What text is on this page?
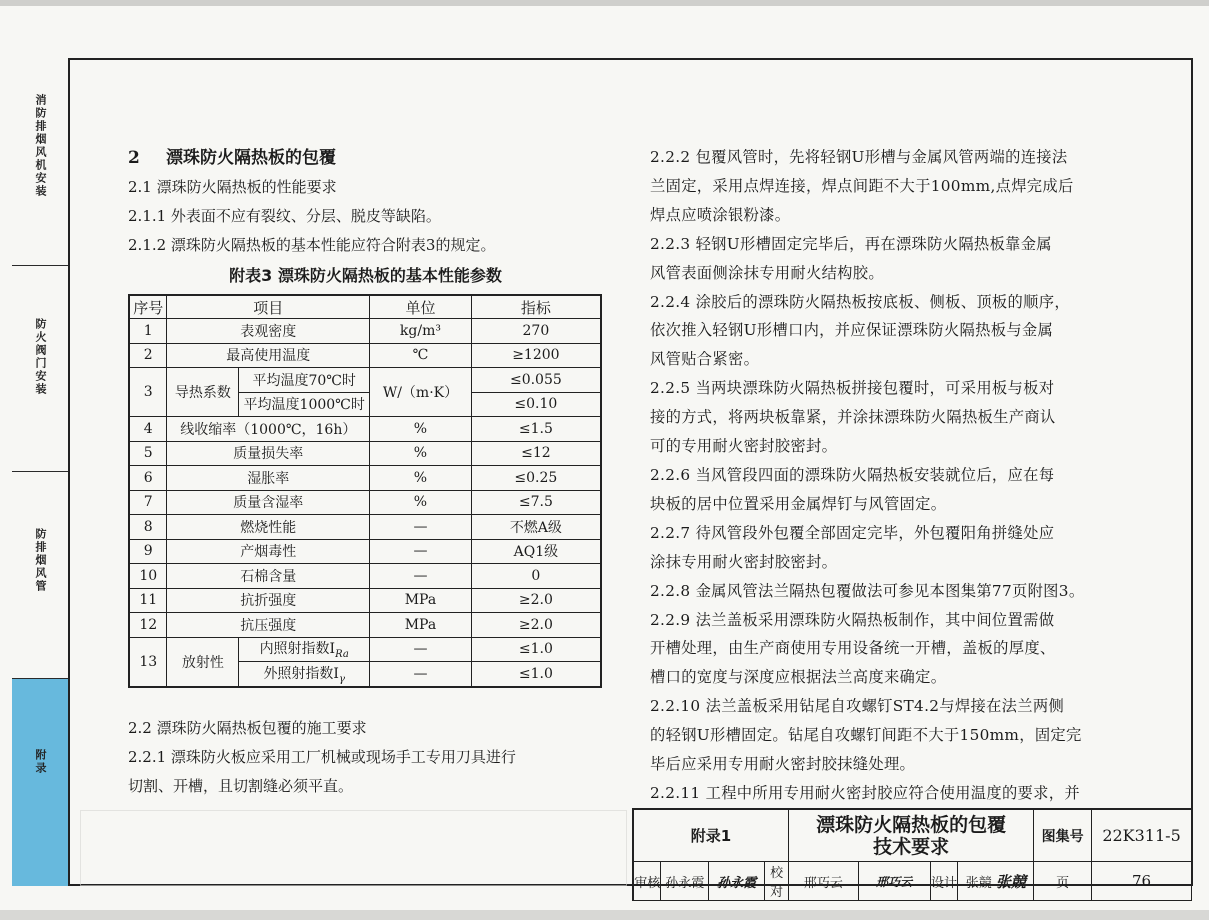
消防排烟风机安装
防火阀门安装
防排烟风管
附录
2 漂珠防火隔热板的包覆
2.1 漂珠防火隔热板的性能要求
2.1.1 外表面不应有裂纹、分层、脱皮等缺陷。
2.1.2 漂珠防火隔热板的基本性能应符合附表3的规定。
附表3 漂珠防火隔热板的基本性能参数
序号	项目		单位	指标
1	表观密度		kg/m³	270
2	最高使用温度		℃	≥1200
3	导热系数	平均温度70℃时	W/（m·K）	≤0.055
		平均温度1000℃时		≤0.10
4	线收缩率（1000℃，16h）		%	≤1.5
5	质量损失率		%	≤12
6	湿胀率		%	≤0.25
7	质量含湿率		%	≤7.5
8	燃烧性能		—	不燃A级
9	产烟毒性		—	AQ1级
10	石棉含量		—	0
11	抗折强度		MPa	≥2.0
12	抗压强度		MPa	≥2.0
13	放射性	内照射指数$I_{Ra}$	—	≤1.0
		外照射指数$I_\gamma$	—	≤1.0
2.2 漂珠防火隔热板包覆的施工要求
2.2.1 漂珠防火板应采用工厂机械或现场手工专用刀具进行
切割、开槽，且切割缝必须平直。
2.2.2 包覆风管时，先将轻钢U形槽与金属风管两端的连接法
兰固定，采用点焊连接，焊点间距不大于100mm,点焊完成后
焊点应喷涂银粉漆。
2.2.3 轻钢U形槽固定完毕后，再在漂珠防火隔热板靠金属
风管表面侧涂抹专用耐火结构胶。
2.2.4 涂胶后的漂珠防火隔热板按底板、侧板、顶板的顺序，
依次推入轻钢U形槽口内，并应保证漂珠防火隔热板与金属
风管贴合紧密。
2.2.5 当两块漂珠防火隔热板拼接包覆时，可采用板与板对
接的方式，将两块板靠紧，并涂抹漂珠防火隔热板生产商认
可的专用耐火密封胶密封。
2.2.6 当风管段四面的漂珠防火隔热板安装就位后，应在每
块板的居中位置采用金属焊钉与风管固定。
2.2.7 待风管段外包覆全部固定完毕，外包覆阳角拼缝处应
涂抹专用耐火密封胶密封。
2.2.8 金属风管法兰隔热包覆做法可参见本图集第77页附图3。
2.2.9 法兰盖板采用漂珠防火隔热板制作，其中间位置需做
开槽处理，由生产商使用专用设备统一开槽，盖板的厚度、
槽口的宽度与深度应根据法兰高度来确定。
2.2.10 法兰盖板采用钻尾自攻螺钉ST4.2与焊接在法兰两侧
的轻钢U形槽固定。钻尾自攻螺钉间距不大于150mm，固定完
毕后应采用专用耐火密封胶抹缝处理。
2.2.11 工程中所用专用耐火密封胶应符合使用温度的要求，并
附录1				漂珠防火隔热板的包覆
技术要求				图集号	22K311-5
审核	孙永霞	孙永霞	校对	邢巧云	邢巧云	设计	张競 张競	页	76
